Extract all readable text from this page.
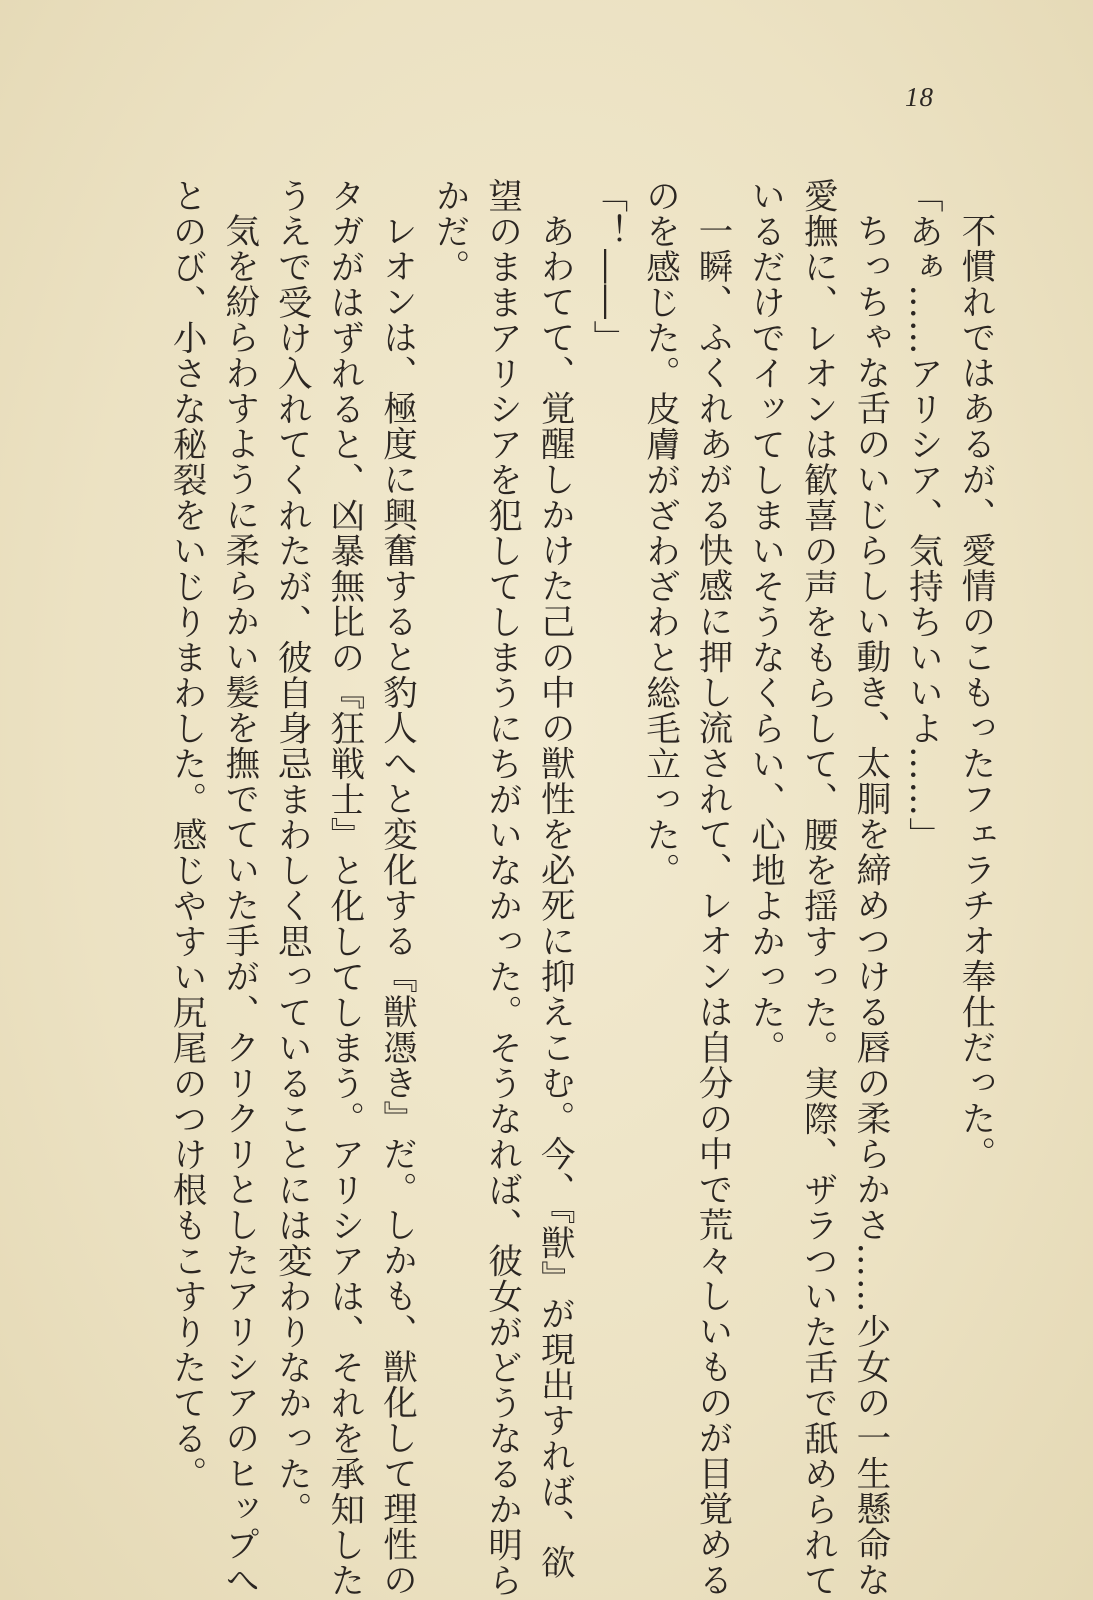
18

不慣れではあるが、愛情のこもったフェラチオ奉仕だった。

「あぁ……アリシア、気持ちいいよ……」

ちっちゃな舌のいじらしい動き、太胴を締めつける唇の柔らかさ……少女の一生懸命な

愛撫に、レオンは歓喜の声をもらして、腰を揺すった。実際、ザラついた舌で舐められて

いるだけでイッてしまいそうなくらい、心地よかった。

一瞬、ふくれあがる快感に押し流されて、レオンは自分の中で荒々しいものが目覚める

のを感じた。皮膚がざわざわと総毛立った。

「！――」

あわてて、覚醒しかけた己の中の獣性を必死に抑えこむ。今、『獣』が現出すれば、欲

望のままアリシアを犯してしまうにちがいなかった。そうなれば、彼女がどうなるか明ら

かだ。

レオンは、極度に興奮すると豹人へと変化する『獣憑き』だ。しかも、獣化して理性の

タガがはずれると、凶暴無比の『狂戦士』と化してしまう。アリシアは、それを承知した

うえで受け入れてくれたが、彼自身忌まわしく思っていることには変わりなかった。

気を紛らわすように柔らかい髪を撫でていた手が、クリクリとしたアリシアのヒップへ

とのび、小さな秘裂をいじりまわした。感じやすい尻尾のつけ根もこすりたてる。
